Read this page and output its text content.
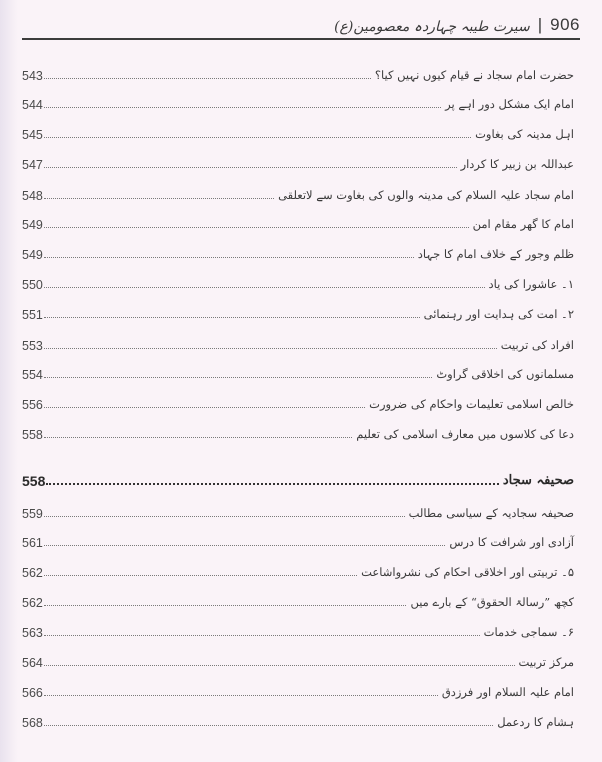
سیرت طیبہ چہاردہ معصومین(ع) | 906
543	حضرت امام سجاد نے قیام کیوں نہیں کیا؟
544	امام ایک مشکل دور اہے پر
545	اہل مدینہ کی بغاوت
547	عبداللہ بن زبیر کا کردار
548	امام سجاد علیہ السلام کی مدینہ والوں کی بغاوت سے لاتعلقی
549	امام کا گھر مقام امن
549	ظلم وجور کے خلاف امام کا جہاد
550	۱۔ عاشورا کی یاد
551	۲۔ امت کی ہدایت اور رہنمائی
553	افراد کی تربیت
554	مسلمانوں کی اخلاقی گراوٹ
556	خالص اسلامی تعلیمات واحکام کی ضرورت
558	دعا کی کلاسوں میں معارف اسلامی کی تعلیم
558	صحیفہ سجاد
559	صحیفہ سجادیہ کے سیاسی مطالب
561	آزادی اور شرافت کا درس
562	۵۔ تربیتی اور اخلاقی احکام کی نشرواشاعت
562	کچھ ”رسالۃ الحقوق“ کے بارے میں
563	۶۔ سماجی خدمات
564	مرکز تربیت
566	امام علیہ السلام اور فرزدق
568	ہشام کا ردعمل
